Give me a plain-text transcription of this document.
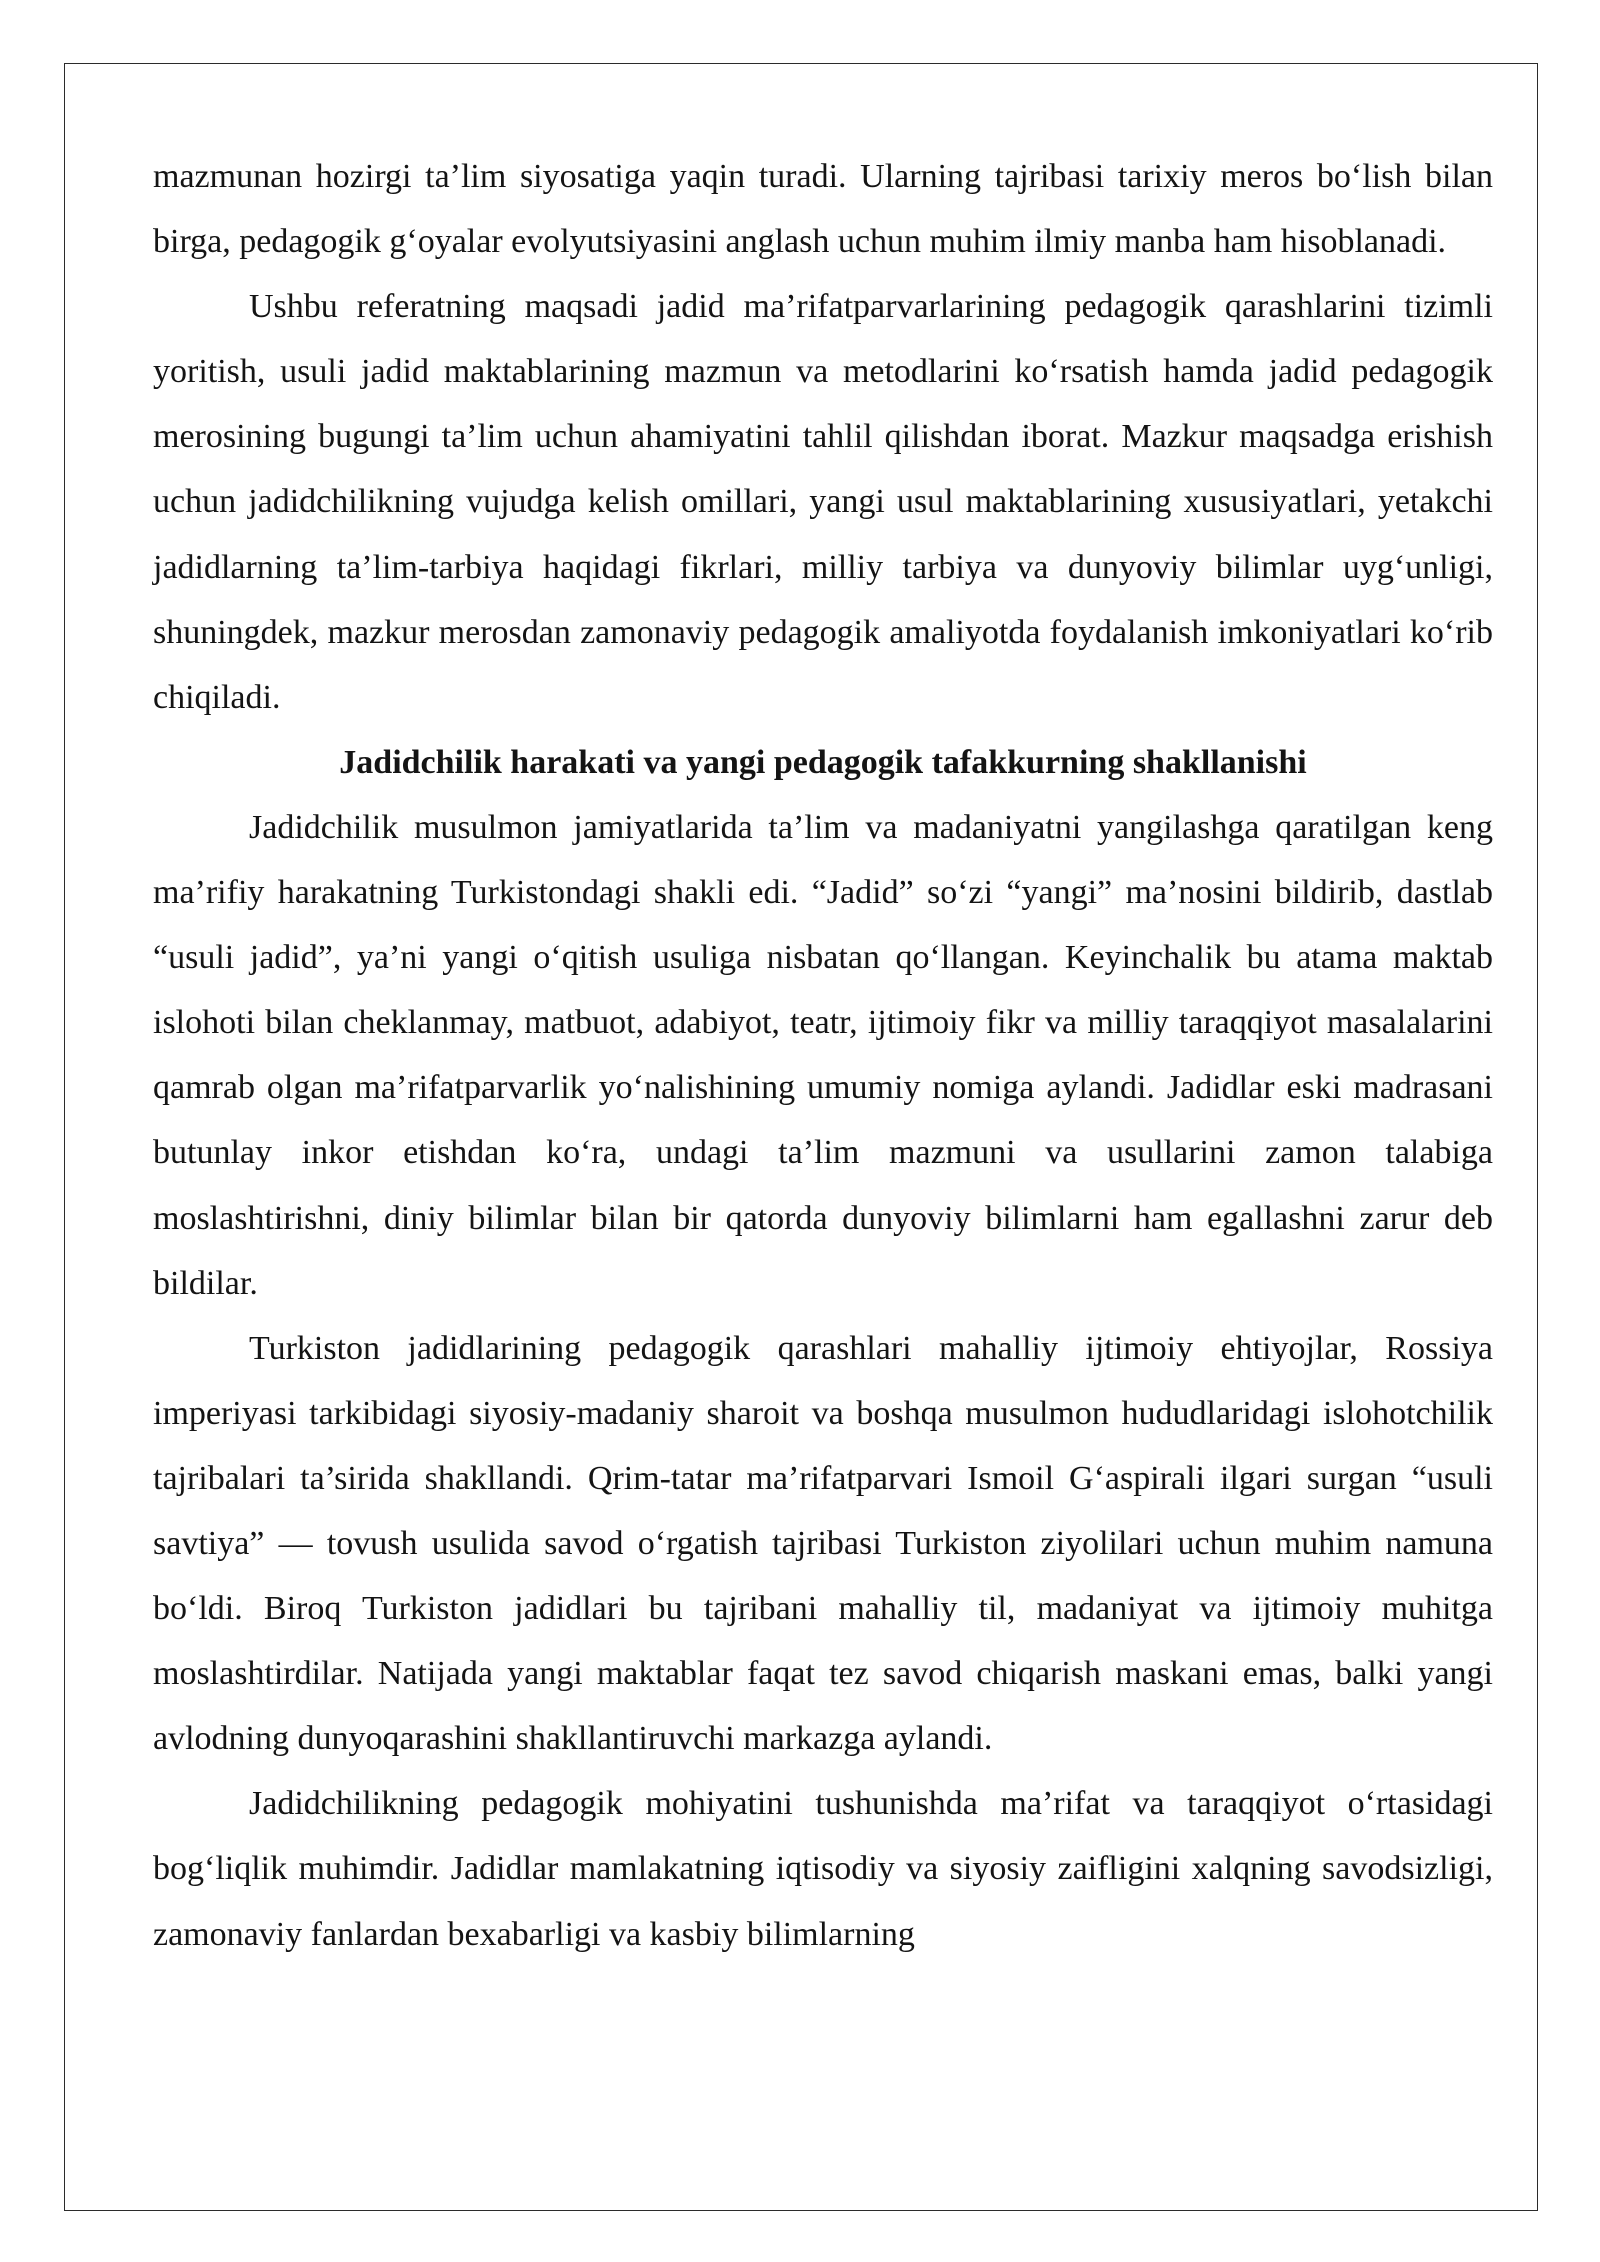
mazmunan hozirgi ta’lim siyosatiga yaqin turadi. Ularning tajribasi tarixiy meros bo‘lish bilan birga, pedagogik g‘oyalar evolyutsiyasini anglash uchun muhim ilmiy manba ham hisoblanadi.

Ushbu referatning maqsadi jadid ma’rifatparvarlarining pedagogik qarashlarini tizimli yoritish, usuli jadid maktablarining mazmun va metodlarini ko‘rsatish hamda jadid pedagogik merosining bugungi ta’lim uchun ahamiyatini tahlil qilishdan iborat. Mazkur maqsadga erishish uchun jadidchilikning vujudga kelish omillari, yangi usul maktablarining xususiyatlari, yetakchi jadidlarning ta’lim-tarbiya haqidagi fikrlari, milliy tarbiya va dunyoviy bilimlar uyg‘unligi, shuningdek, mazkur merosdan zamonaviy pedagogik amaliyotda foydalanish imkoniyatlari ko‘rib chiqiladi.

Jadidchilik harakati va yangi pedagogik tafakkurning shakllanishi

Jadidchilik musulmon jamiyatlarida ta’lim va madaniyatni yangilashga qaratilgan keng ma’rifiy harakatning Turkistondagi shakli edi. “Jadid” so‘zi “yangi” ma’nosini bildirib, dastlab “usuli jadid”, ya’ni yangi o‘qitish usuliga nisbatan qo‘llangan. Keyinchalik bu atama maktab islohoti bilan cheklanmay, matbuot, adabiyot, teatr, ijtimoiy fikr va milliy taraqqiyot masalalarini qamrab olgan ma’rifatparvarlik yo‘nalishining umumiy nomiga aylandi. Jadidlar eski madrasani butunlay inkor etishdan ko‘ra, undagi ta’lim mazmuni va usullarini zamon talabiga moslashtirishni, diniy bilimlar bilan bir qatorda dunyoviy bilimlarni ham egallashni zarur deb bildilar.

Turkiston jadidlarining pedagogik qarashlari mahalliy ijtimoiy ehtiyojlar, Rossiya imperiyasi tarkibidagi siyosiy-madaniy sharoit va boshqa musulmon hududlaridagi islohotchilik tajribalari ta’sirida shakllandi. Qrim-tatar ma’rifatparvari Ismoil G‘aspirali ilgari surgan “usuli savtiya” — tovush usulida savod o‘rgatish tajribasi Turkiston ziyolilari uchun muhim namuna bo‘ldi. Biroq Turkiston jadidlari bu tajribani mahalliy til, madaniyat va ijtimoiy muhitga moslashtirdilar. Natijada yangi maktablar faqat tez savod chiqarish maskani emas, balki yangi avlodning dunyoqarashini shakllantiruvchi markazga aylandi.

Jadidchilikning pedagogik mohiyatini tushunishda ma’rifat va taraqqiyot o‘rtasidagi bog‘liqlik muhimdir. Jadidlar mamlakatning iqtisodiy va siyosiy zaifligini xalqning savodsizligi, zamonaviy fanlardan bexabarligi va kasbiy bilimlarning
